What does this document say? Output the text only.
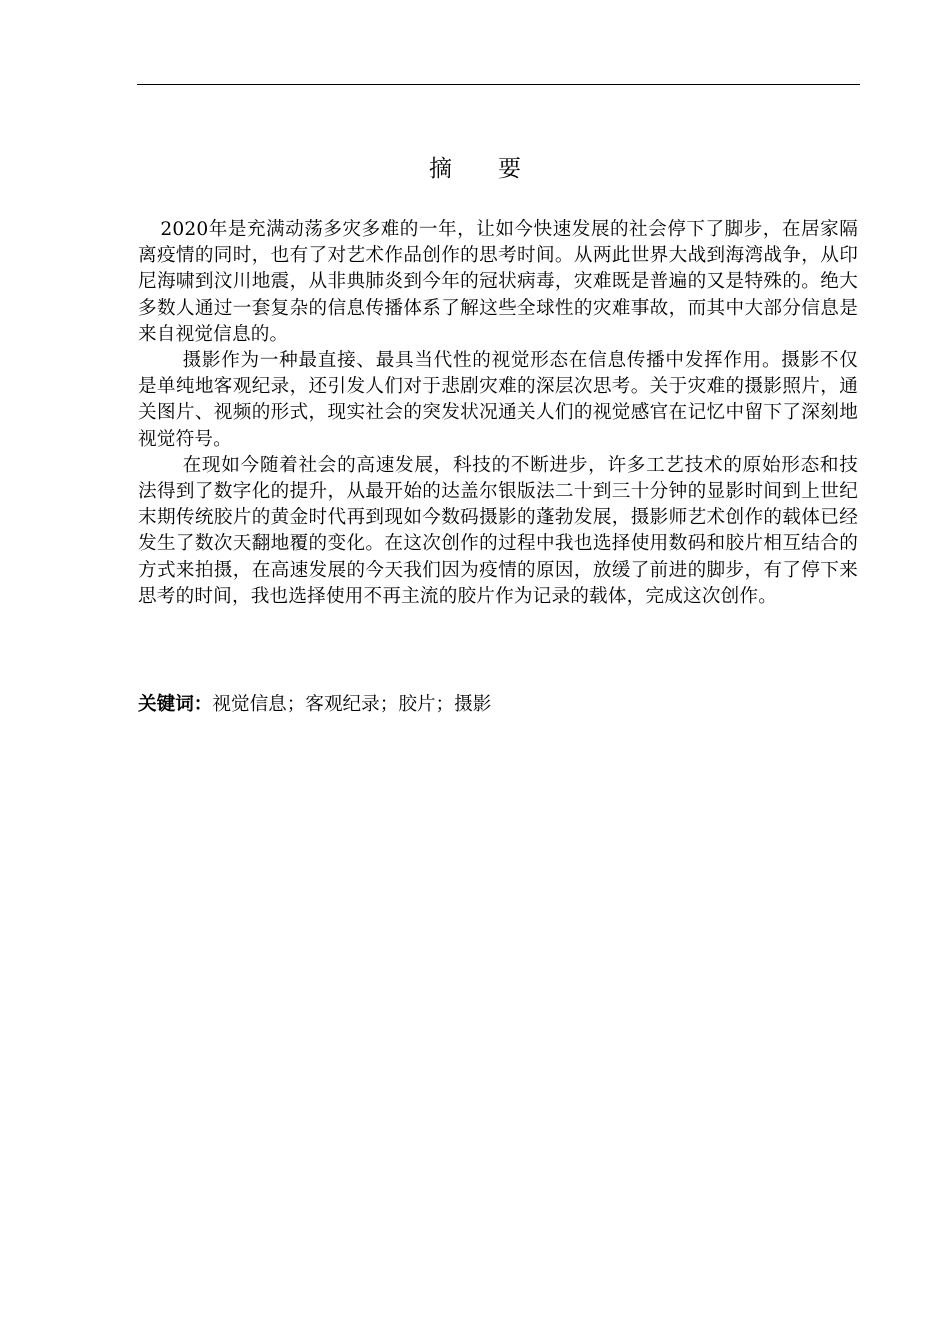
摘 要

2020年是充满动荡多灾多难的一年，让如今快速发展的社会停下了脚步，在居家隔离疫情的同时，也有了对艺术作品创作的思考时间。从两此世界大战到海湾战争，从印尼海啸到汶川地震，从非典肺炎到今年的冠状病毒，灾难既是普遍的又是特殊的。绝大多数人通过一套复杂的信息传播体系了解这些全球性的灾难事故，而其中大部分信息是来自视觉信息的。

摄影作为一种最直接、最具当代性的视觉形态在信息传播中发挥作用。摄影不仅是单纯地客观纪录，还引发人们对于悲剧灾难的深层次思考。关于灾难的摄影照片，通关图片、视频的形式，现实社会的突发状况通关人们的视觉感官在记忆中留下了深刻地视觉符号。

在现如今随着社会的高速发展，科技的不断进步，许多工艺技术的原始形态和技法得到了数字化的提升，从最开始的达盖尔银版法二十到三十分钟的显影时间到上世纪末期传统胶片的黄金时代再到现如今数码摄影的蓬勃发展，摄影师艺术创作的载体已经发生了数次天翻地覆的变化。在这次创作的过程中我也选择使用数码和胶片相互结合的方式来拍摄，在高速发展的今天我们因为疫情的原因，放缓了前进的脚步，有了停下来思考的时间，我也选择使用不再主流的胶片作为记录的载体，完成这次创作。

关键词：视觉信息；客观纪录；胶片；摄影
